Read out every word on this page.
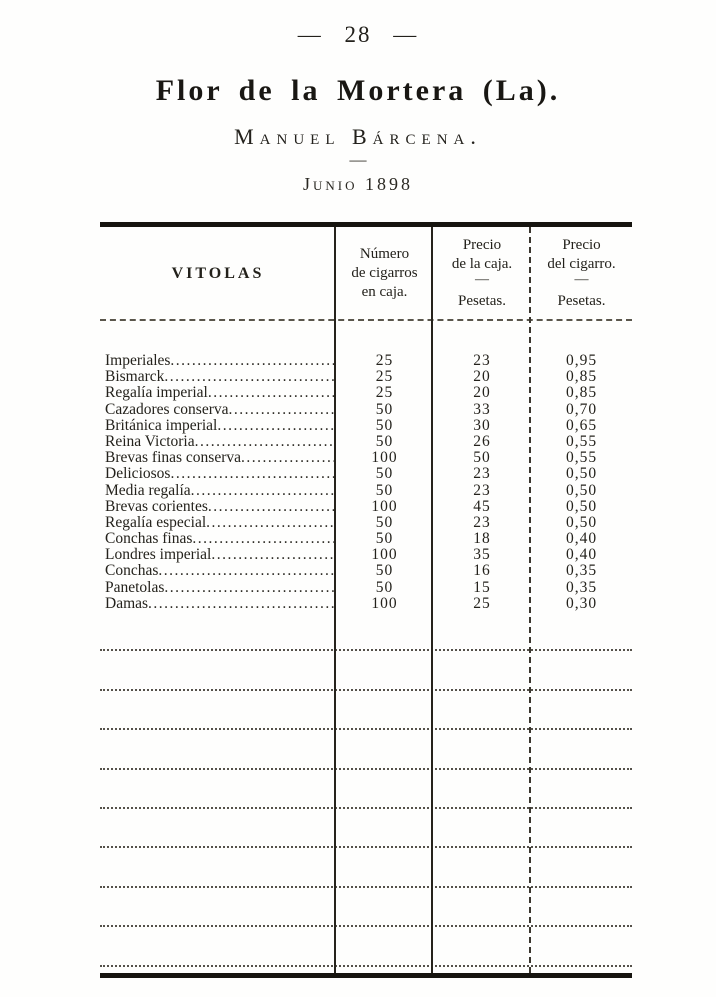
— 28 —
Flor de la Mortera (La).
Manuel Bárcena.
—
Junio 1898
VITOLAS
Número
de cigarros
en caja.
Precio
de la caja.
—
Pesetas.
Precio
del cigarro.
—
Pesetas.
Imperiales .....	25	23	0,95
Bismarck .....	25	20	0,85
Regalía imperial .....	25	20	0,85
Cazadores conserva .....	50	33	0,70
Británica imperial .....	50	30	0,65
Reina Victoria .....	50	26	0,55
Brevas finas conserva .....	100	50	0,55
Deliciosos .....	50	23	0,50
Media regalía .....	50	23	0,50
Brevas corientes .....	100	45	0,50
Regalía especial .....	50	23	0,50
Conchas finas .....	50	18	0,40
Londres imperial .....	100	35	0,40
Conchas .....	50	16	0,35
Panetolas .....	50	15	0,35
Damas .....	100	25	0,30
